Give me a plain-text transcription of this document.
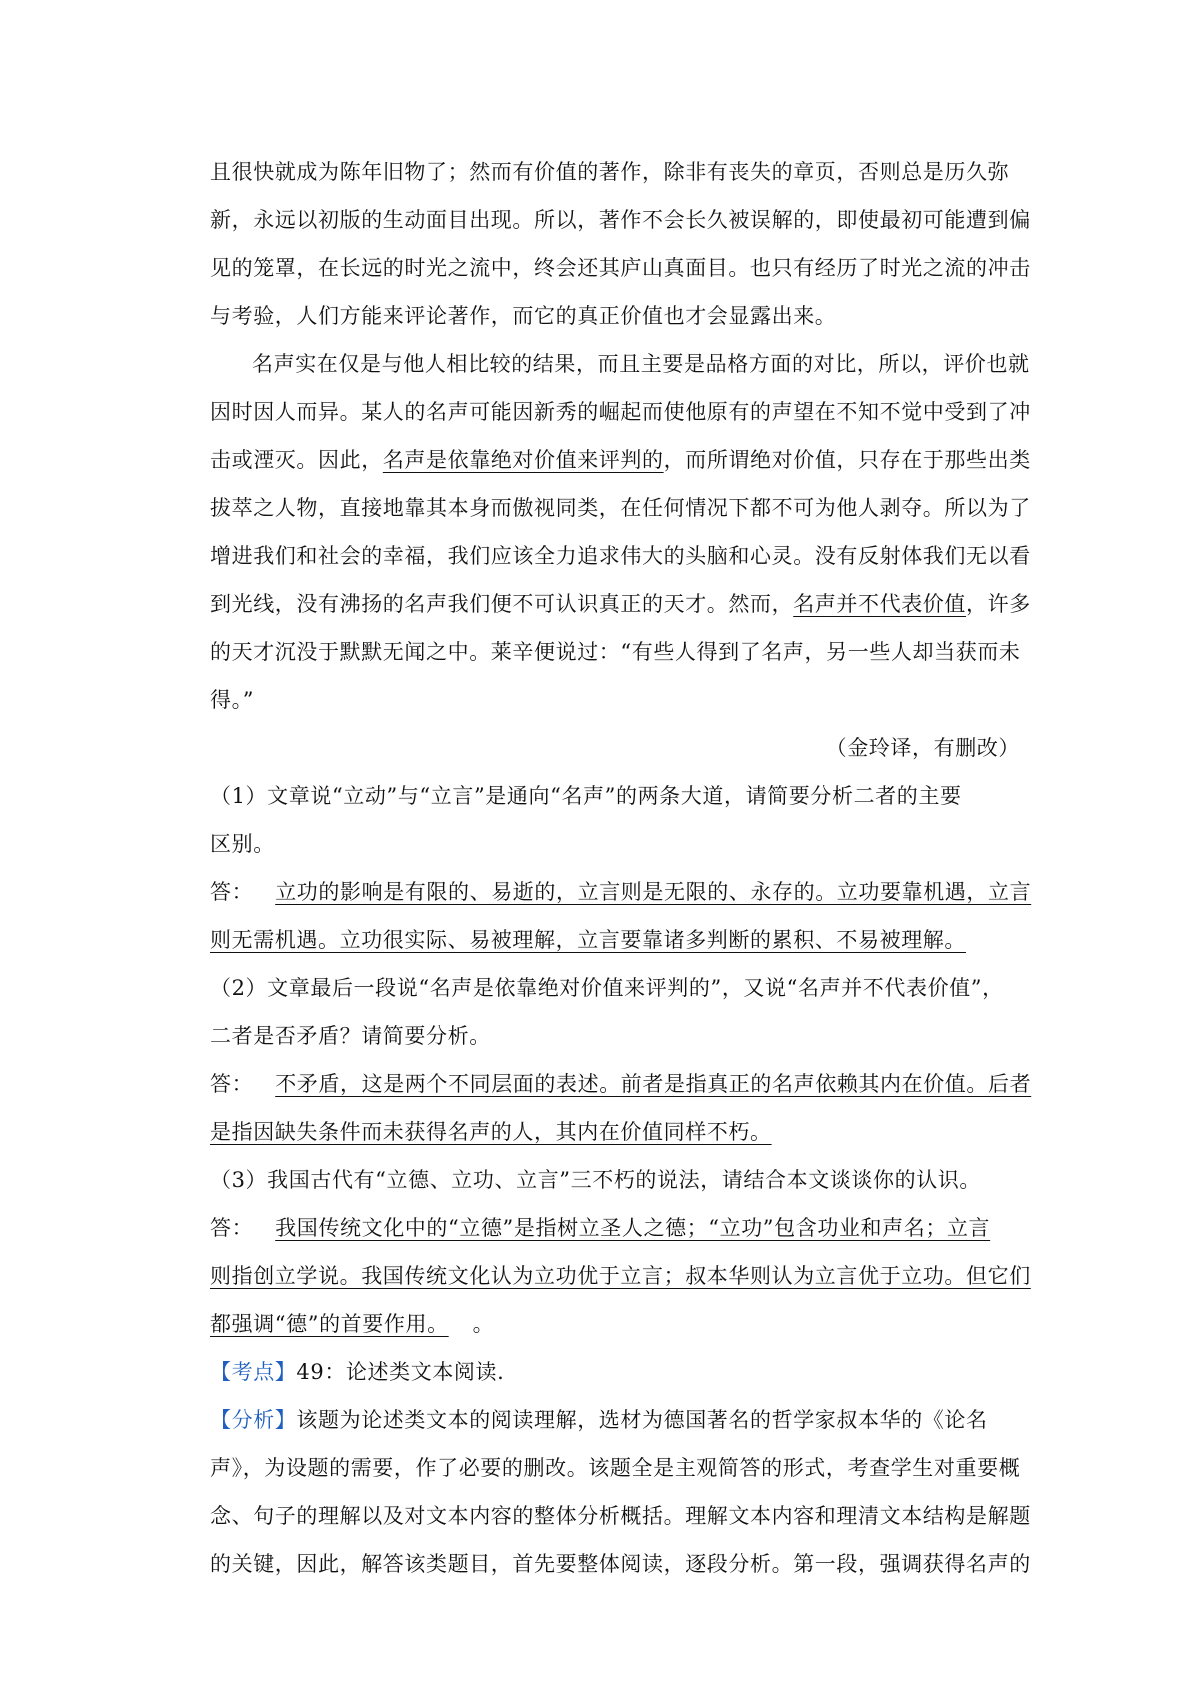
且很快就成为陈年旧物了；然而有价值的著作，除非有丧失的章页，否则总是历久弥
新，永远以初版的生动面目出现。所以，著作不会长久被误解的，即使最初可能遭到偏
见的笼罩，在长远的时光之流中，终会还其庐山真面目。也只有经历了时光之流的冲击
与考验，人们方能来评论著作，而它的真正价值也才会显露出来。
名声实在仅是与他人相比较的结果，而且主要是品格方面的对比，所以，评价也就
因时因人而异。某人的名声可能因新秀的崛起而使他原有的声望在不知不觉中受到了冲
击或湮灭。因此，名声是依靠绝对价值来评判的，而所谓绝对价值，只存在于那些出类
拔萃之人物，直接地靠其本身而傲视同类，在任何情况下都不可为他人剥夺。所以为了
增进我们和社会的幸福，我们应该全力追求伟大的头脑和心灵。没有反射体我们无以看
到光线，没有沸扬的名声我们便不可认识真正的天才。然而，名声并不代表价值，许多
的天才沉没于默默无闻之中。莱辛便说过：“有些人得到了名声，另一些人却当获而未
得。”
（金玲译，有删改）
（1）文章说“立动”与“立言”是通向“名声”的两条大道，请简要分析二者的主要
区别。
答： 立功的影响是有限的、易逝的，立言则是无限的、永存的。立功要靠机遇，立言
则无需机遇。立功很实际、易被理解，立言要靠诸多判断的累积、不易被理解。
（2）文章最后一段说“名声是依靠绝对价值来评判的”，又说“名声并不代表价值”，
二者是否矛盾？请简要分析。
答： 不矛盾，这是两个不同层面的表述。前者是指真正的名声依赖其内在价值。后者
是指因缺失条件而未获得名声的人，其内在价值同样不朽。
（3）我国古代有“立德、立功、立言”三不朽的说法，请结合本文谈谈你的认识。
答： 我国传统文化中的“立德”是指树立圣人之德；“立功”包含功业和声名；立言
则指创立学说。我国传统文化认为立功优于立言；叔本华则认为立言优于立功。但它们
都强调“德”的首要作用。 。
【考点】49：论述类文本阅读.
【分析】该题为论述类文本的阅读理解，选材为德国著名的哲学家叔本华的《论名
声》，为设题的需要，作了必要的删改。该题全是主观简答的形式，考查学生对重要概
念、句子的理解以及对文本内容的整体分析概括。理解文本内容和理清文本结构是解题
的关键，因此，解答该类题目，首先要整体阅读，逐段分析。第一段，强调获得名声的
